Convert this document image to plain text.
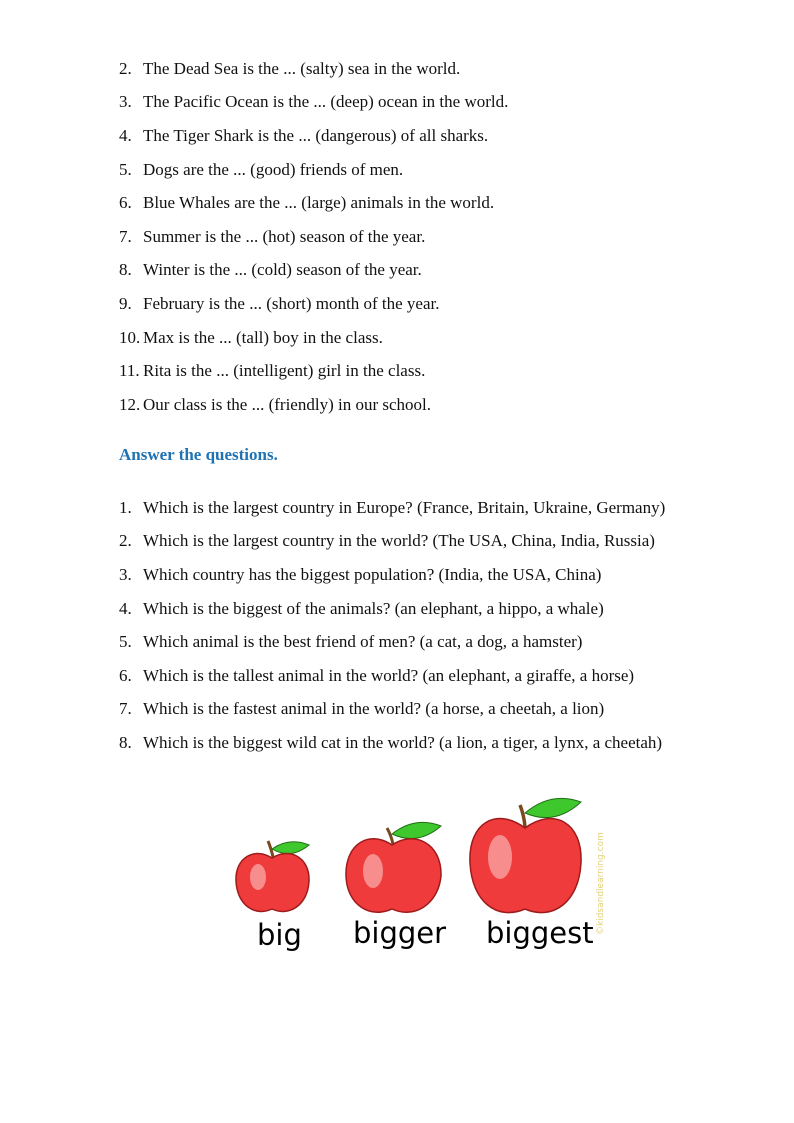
2. The Dead Sea is the ... (salty) sea in the world.
3. The Pacific Ocean is the ... (deep) ocean in the world.
4. The Tiger Shark is the ... (dangerous) of all sharks.
5. Dogs are the ... (good) friends of men.
6. Blue Whales are the ... (large) animals in the world.
7. Summer is the ... (hot) season of the year.
8. Winter is the ... (cold) season of the year.
9. February is the ... (short) month of the year.
10. Max is the ... (tall) boy in the class.
11. Rita is the ... (intelligent) girl in the class.
12. Our class is the ... (friendly) in our school.
Answer the questions.
1. Which is the largest country in Europe? (France, Britain, Ukraine, Germany)
2. Which is the largest country in the world? (The USA, China, India, Russia)
3. Which country has the biggest population? (India, the USA, China)
4. Which is the biggest of the animals? (an elephant, a hippo, a whale)
5. Which animal is the best friend of men? (a cat, a dog, a hamster)
6. Which is the tallest animal in the world? (an elephant, a giraffe, a horse)
7. Which is the fastest animal in the world? (a horse, a cheetah, a lion)
8. Which is the biggest wild cat in the world? (a lion, a tiger, a lynx, a cheetah)
big bigger biggest ©kidsandlearning.com
